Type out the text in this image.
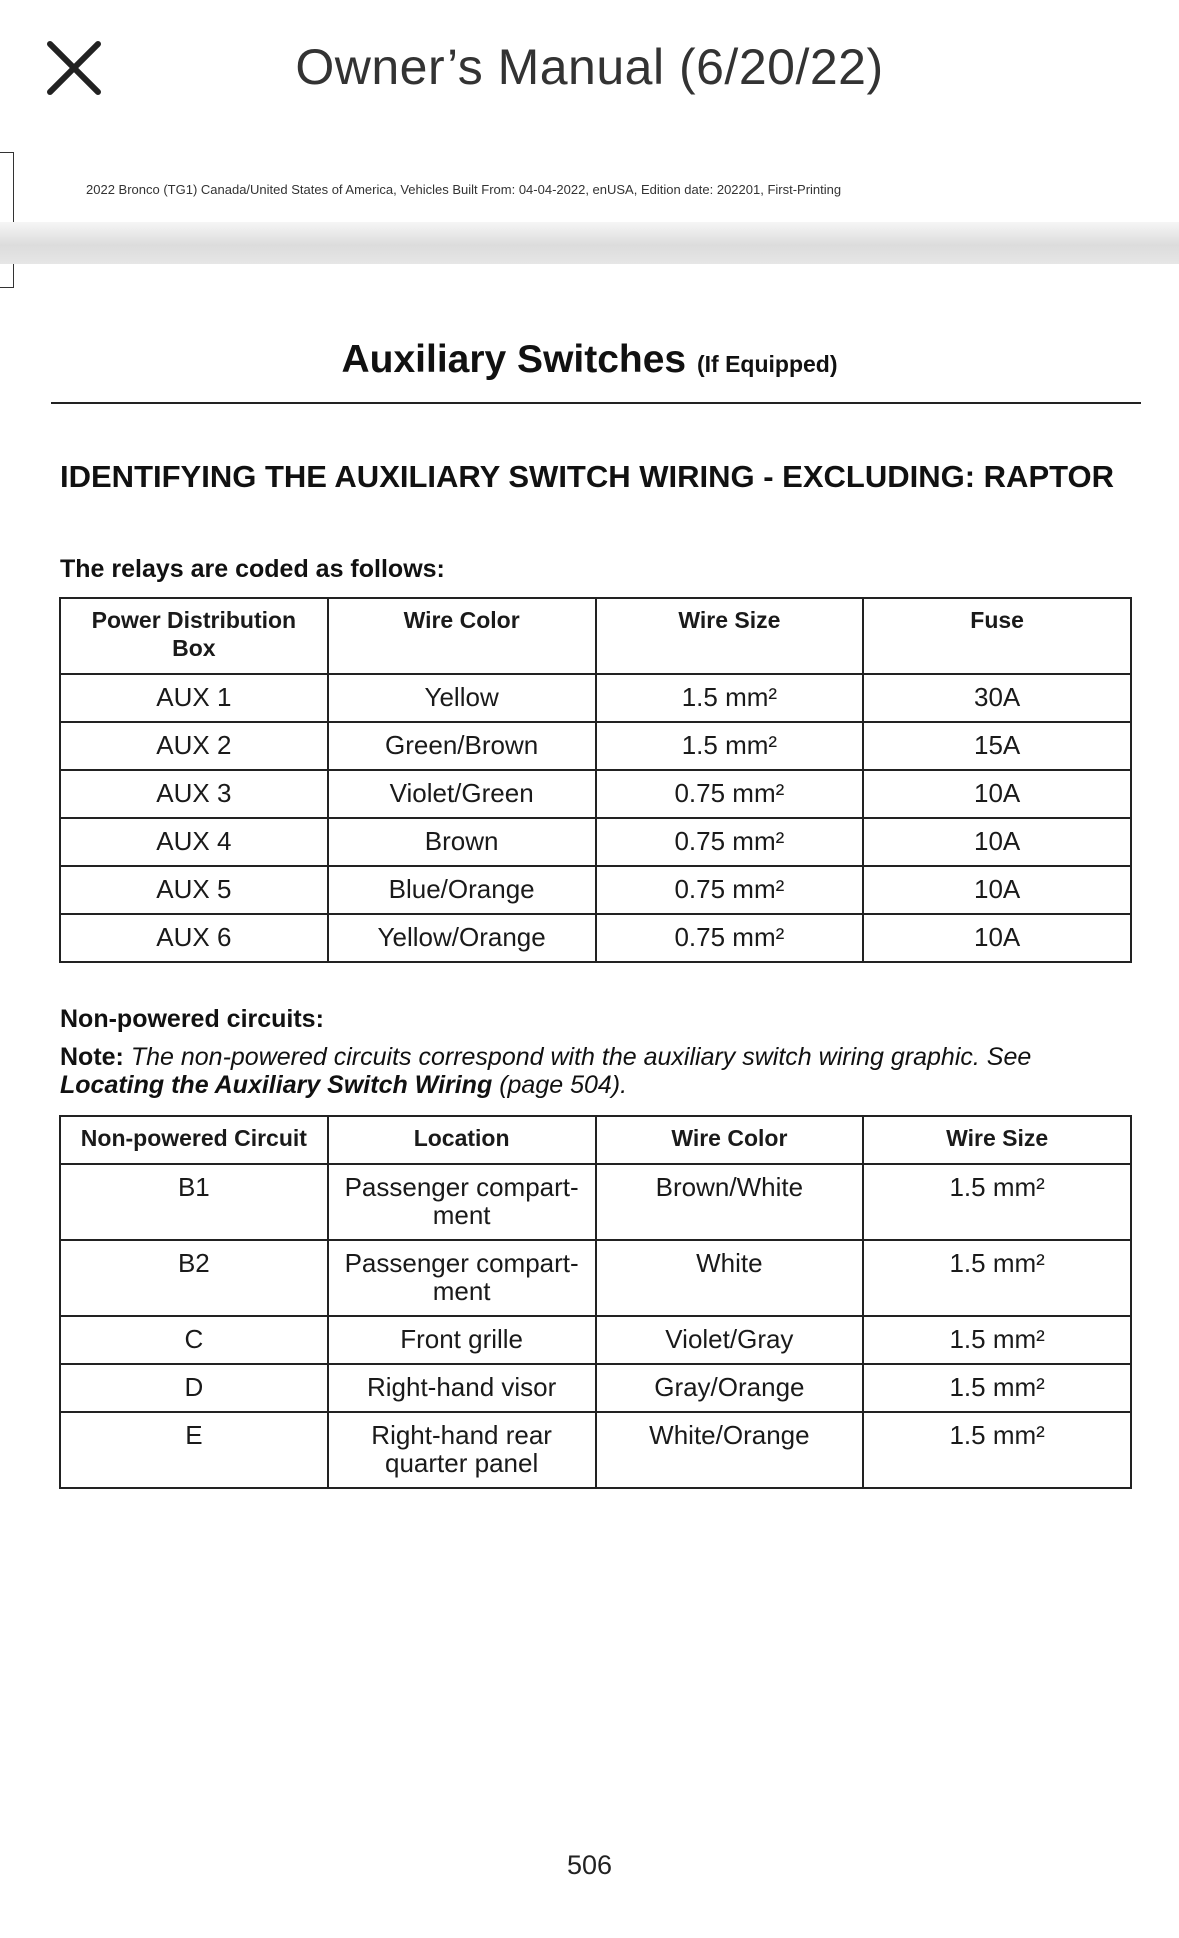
Owner’s Manual (6/20/22)
2022 Bronco (TG1) Canada/United States of America, Vehicles Built From: 04-04-2022, enUSA, Edition date: 202201, First-Printing
Auxiliary Switches (If Equipped)
IDENTIFYING THE AUXILIARY SWITCH WIRING - EXCLUDING: RAPTOR
The relays are coded as follows:
Power Distribution Box	Wire Color	Wire Size	Fuse
AUX 1	Yellow	1.5 mm²	30A
AUX 2	Green/Brown	1.5 mm²	15A
AUX 3	Violet/Green	0.75 mm²	10A
AUX 4	Brown	0.75 mm²	10A
AUX 5	Blue/Orange	0.75 mm²	10A
AUX 6	Yellow/Orange	0.75 mm²	10A
Non-powered circuits:
Note: The non-powered circuits correspond with the auxiliary switch wiring graphic. See Locating the Auxiliary Switch Wiring (page 504).
Non-powered Circuit	Location	Wire Color	Wire Size
B1	Passenger compart-ment	Brown/White	1.5 mm²
B2	Passenger compart-ment	White	1.5 mm²
C	Front grille	Violet/Gray	1.5 mm²
D	Right-hand visor	Gray/Orange	1.5 mm²
E	Right-hand rear quarter panel	White/Orange	1.5 mm²
506
